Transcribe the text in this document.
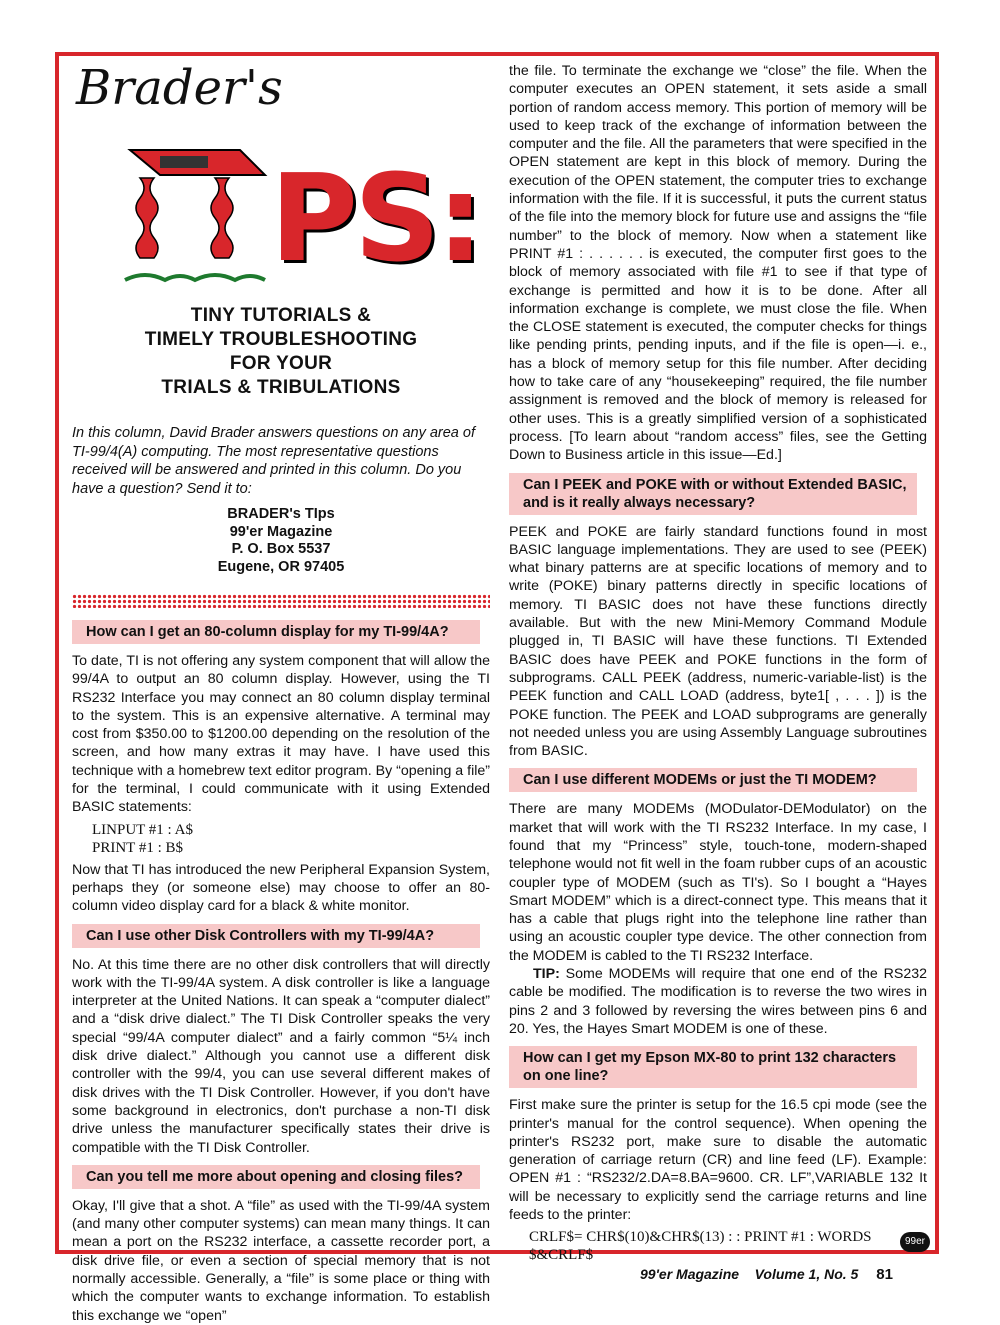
Brader's
PS:
TINY TUTORIALS &
TIMELY TROUBLESHOOTING
FOR YOUR
TRIALS & TRIBULATIONS

In this column, David Brader answers questions on any area of TI-99/4(A) computing. The most representative questions received will be answered and printed in this column. Do you have a question? Send it to:

BRADER's TIps
99'er Magazine
P. O. Box 5537
Eugene, OR 97405
How can I get an 80-column display for my TI-99/4A?

To date, TI is not offering any system component that will allow the 99/4A to output an 80 column display. However, using the TI RS232 Interface you may connect an 80 column display terminal to the system. This is an expensive alternative. A terminal may cost from $350.00 to $1200.00 depending on the resolution of the screen, and how many extras it may have. I have used this technique with a homebrew text editor program. By “opening a file” for the terminal, I could communicate with it using Extended BASIC statements:

LINPUT #1 : A$
PRINT #1 : B$

Now that TI has introduced the new Peripheral Expansion System, perhaps they (or someone else) may choose to offer an 80-column video display card for a black & white monitor.

Can I use other Disk Controllers with my TI-99/4A?

No. At this time there are no other disk controllers that will directly work with the TI-99/4A system. A disk controller is like a language interpreter at the United Nations. It can speak a “computer dialect” and a “disk drive dialect.” The TI Disk Controller speaks the very special “99/4A computer dialect” and a fairly common “5¼ inch disk drive dialect.” Although you cannot use a different disk controller with the 99/4, you can use several different makes of disk drives with the TI Disk Controller. However, if you don't have some background in electronics, don't purchase a non-TI disk drive unless the manufacturer specifically states their drive is compatible with the TI Disk Controller.

Can you tell me more about opening and closing files?

Okay, I'll give that a shot. A “file” as used with the TI-99/4A system (and many other computer systems) can mean many things. It can mean a port on the RS232 interface, a cassette recorder port, a disk drive file, or even a section of special memory that is not normally accessible. Generally, a “file” is some place or thing with which the computer wants to exchange information. To establish this exchange we “open”

the file. To terminate the exchange we “close” the file. When the computer executes an OPEN statement, it sets aside a small portion of random access memory. This portion of memory will be used to keep track of the exchange of information between the computer and the file. All the parameters that were specified in the OPEN statement are kept in this block of memory. During the execution of the OPEN statement, the computer tries to exchange information with the file. If it is successful, it puts the current status of the file into the memory block for future use and assigns the “file number” to the block of memory. Now when a statement like PRINT #1 : . . . . . . is executed, the computer first goes to the block of memory associated with file #1 to see if that type of exchange is permitted and how it is to be done. After all information exchange is complete, we must close the file. When the CLOSE statement is executed, the computer checks for things like pending prints, pending inputs, and if the file is open—i. e., has a block of memory setup for this file number. After deciding how to take care of any “housekeeping” required, the file number assignment is removed and the block of memory is released for other uses. This is a greatly simplified version of a sophisticated process. [To learn about “random access” files, see the Getting Down to Business article in this issue—Ed.]

Can I PEEK and POKE with or without Extended BASIC, and is it really always necessary?

PEEK and POKE are fairly standard functions found in most BASIC language implementations. They are used to see (PEEK) what binary patterns are at specific locations of memory and to write (POKE) binary patterns directly in specific locations of memory. TI BASIC does not have these functions directly available. But with the new Mini-Memory Command Module plugged in, TI BASIC will have these functions. TI Extended BASIC does have PEEK and POKE functions in the form of subprograms. CALL PEEK (address, numeric-variable-list) is the PEEK function and CALL LOAD (address, byte1[ , . . . ]) is the POKE function. The PEEK and LOAD subprograms are generally not needed unless you are using Assembly Language subroutines from BASIC.

Can I use different MODEMs or just the TI MODEM?

There are many MODEMs (MODulator-DEModulator) on the market that will work with the TI RS232 Interface. In my case, I found that my “Princess” style, touch-tone, modern-shaped telephone would not fit well in the foam rubber cups of an acoustic coupler type of MODEM (such as TI's). So I bought a “Hayes Smart MODEM” which is a direct-connect type. This means that it has a cable that plugs right into the telephone line rather than using an acoustic coupler type device. The other connection from the MODEM is cabled to the TI RS232 Interface.

TIP: Some MODEMs will require that one end of the RS232 cable be modified. The modification is to reverse the two wires in pins 2 and 3 followed by reversing the wires between pins 6 and 20. Yes, the Hayes Smart MODEM is one of these.

How can I get my Epson MX-80 to print 132 characters on one line?

First make sure the printer is setup for the 16.5 cpi mode (see the printer's manual for the control sequence). When opening the printer's RS232 port, make sure to disable the automatic generation of carriage return (CR) and line feed (LF). Example: OPEN #1 : “RS232/2.DA=8.BA=9600. CR. LF”,VARIABLE 132 It will be necessary to explicitly send the carriage returns and line feeds to the printer:

CRLF$= CHR$(10)&CHR$(13) : : PRINT #1 : WORDS
$&CRLF$
99er
99'er Magazine Volume 1, No. 5 81
